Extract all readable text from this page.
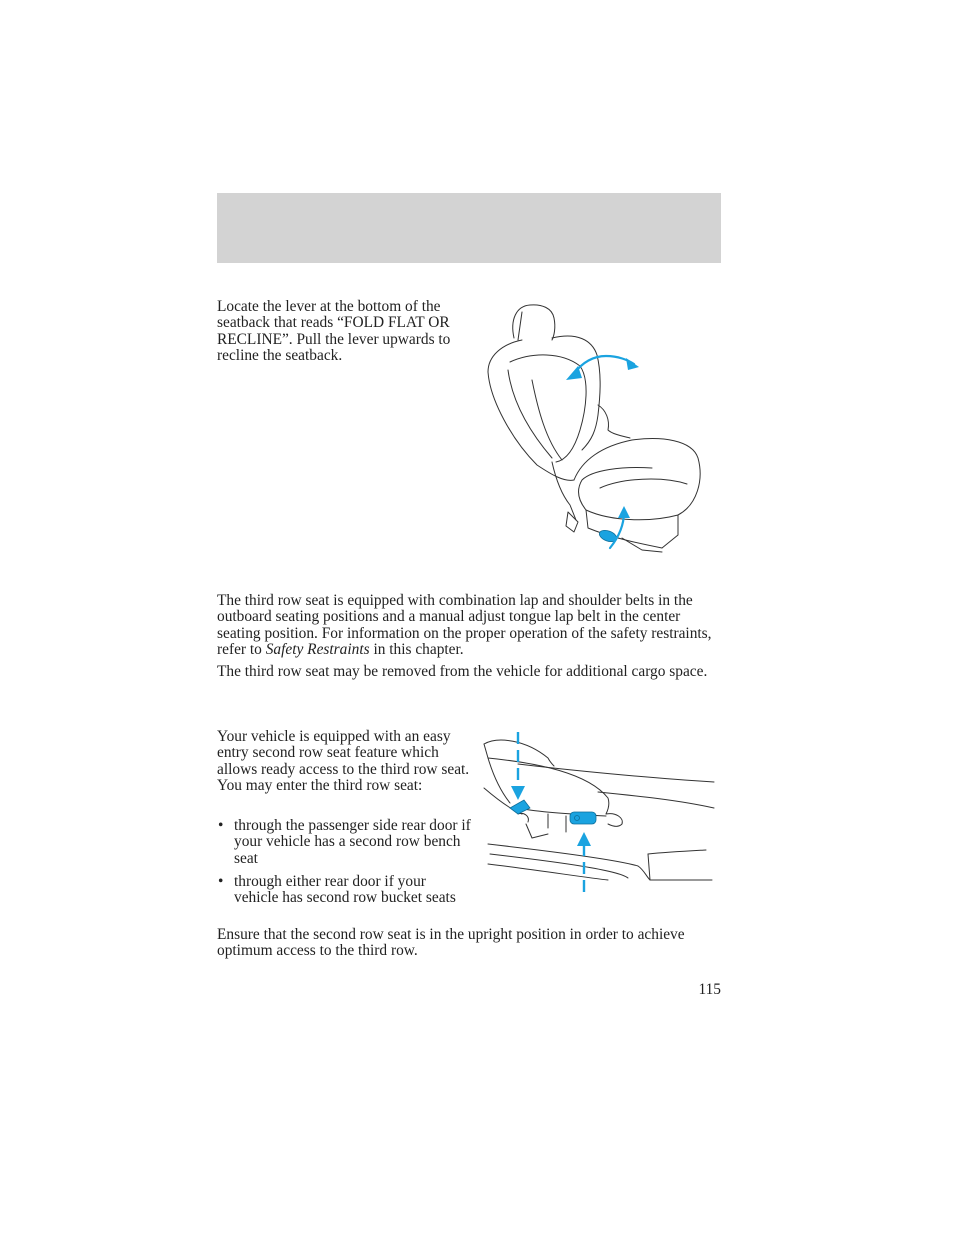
Locate the lever at the bottom of the seatback that reads “FOLD FLAT OR RECLINE”. Pull the lever upwards to recline the seatback.

The third row seat is equipped with combination lap and shoulder belts in the outboard seating positions and a manual adjust tongue lap belt in the center seating position. For information on the proper operation of the safety restraints, refer to Safety Restraints in this chapter.

The third row seat may be removed from the vehicle for additional cargo space.

Your vehicle is equipped with an easy entry second row seat feature which allows ready access to the third row seat. You may enter the third row seat:

• through the passenger side rear door if your vehicle has a second row bench seat
• through either rear door if your vehicle has second row bucket seats

Ensure that the second row seat is in the upright position in order to achieve optimum access to the third row.

115
